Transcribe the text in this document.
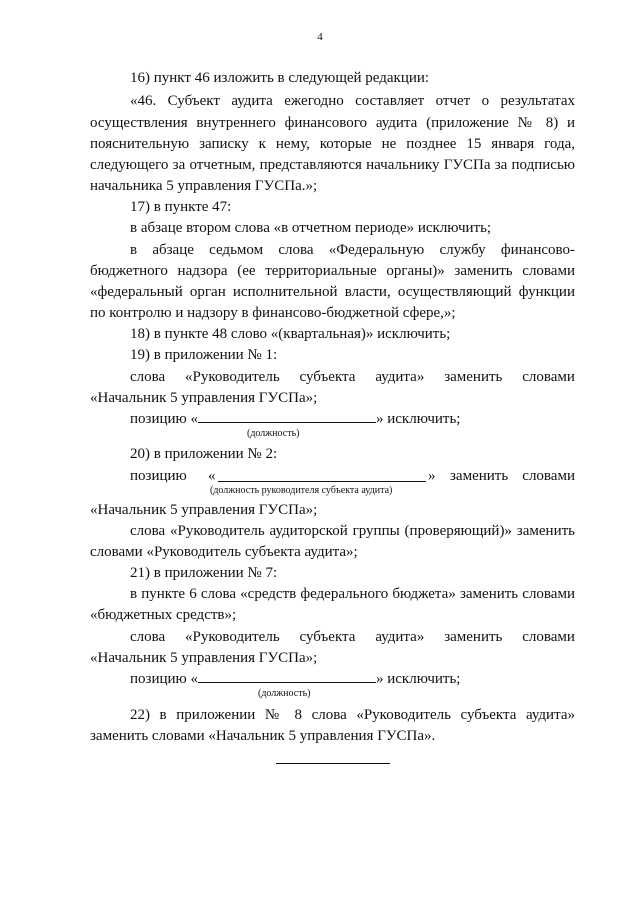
4
16) пункт 46 изложить в следующей редакции:
«46. Субъект аудита ежегодно составляет отчет о результатах
осуществления внутреннего финансового аудита (приложение № 8) и
пояснительную записку к нему, которые не позднее 15 января года,
следующего за отчетным, представляются начальнику ГУСПа за подписью
начальника 5 управления ГУСПа.»;
17) в пункте 47:
в абзаце втором слова «в отчетном периоде» исключить;
в абзаце седьмом слова «Федеральную службу финансово-
бюджетного надзора (ее территориальные органы)» заменить словами
«федеральный орган исполнительной власти, осуществляющий функции
по контролю и надзору в финансово-бюджетной сфере,»;
18) в пункте 48 слово «(квартальная)» исключить;
19) в приложении № 1:
слова «Руководитель субъекта аудита» заменить словами
«Начальник 5 управления ГУСПа»;
позицию «	» исключить;
(должность)
20) в приложении № 2:
позицию «	» заменить словами
(должность руководителя субъекта аудита)
«Начальник 5 управления ГУСПа»;
слова «Руководитель аудиторской группы (проверяющий)» заменить
словами «Руководитель субъекта аудита»;
21) в приложении № 7:
в пункте 6 слова «средств федерального бюджета» заменить словами
«бюджетных средств»;
слова «Руководитель субъекта аудита» заменить словами
«Начальник 5 управления ГУСПа»;
позицию «	» исключить;
(должность)
22) в приложении № 8 слова «Руководитель субъекта аудита»
заменить словами «Начальник 5 управления ГУСПа».
